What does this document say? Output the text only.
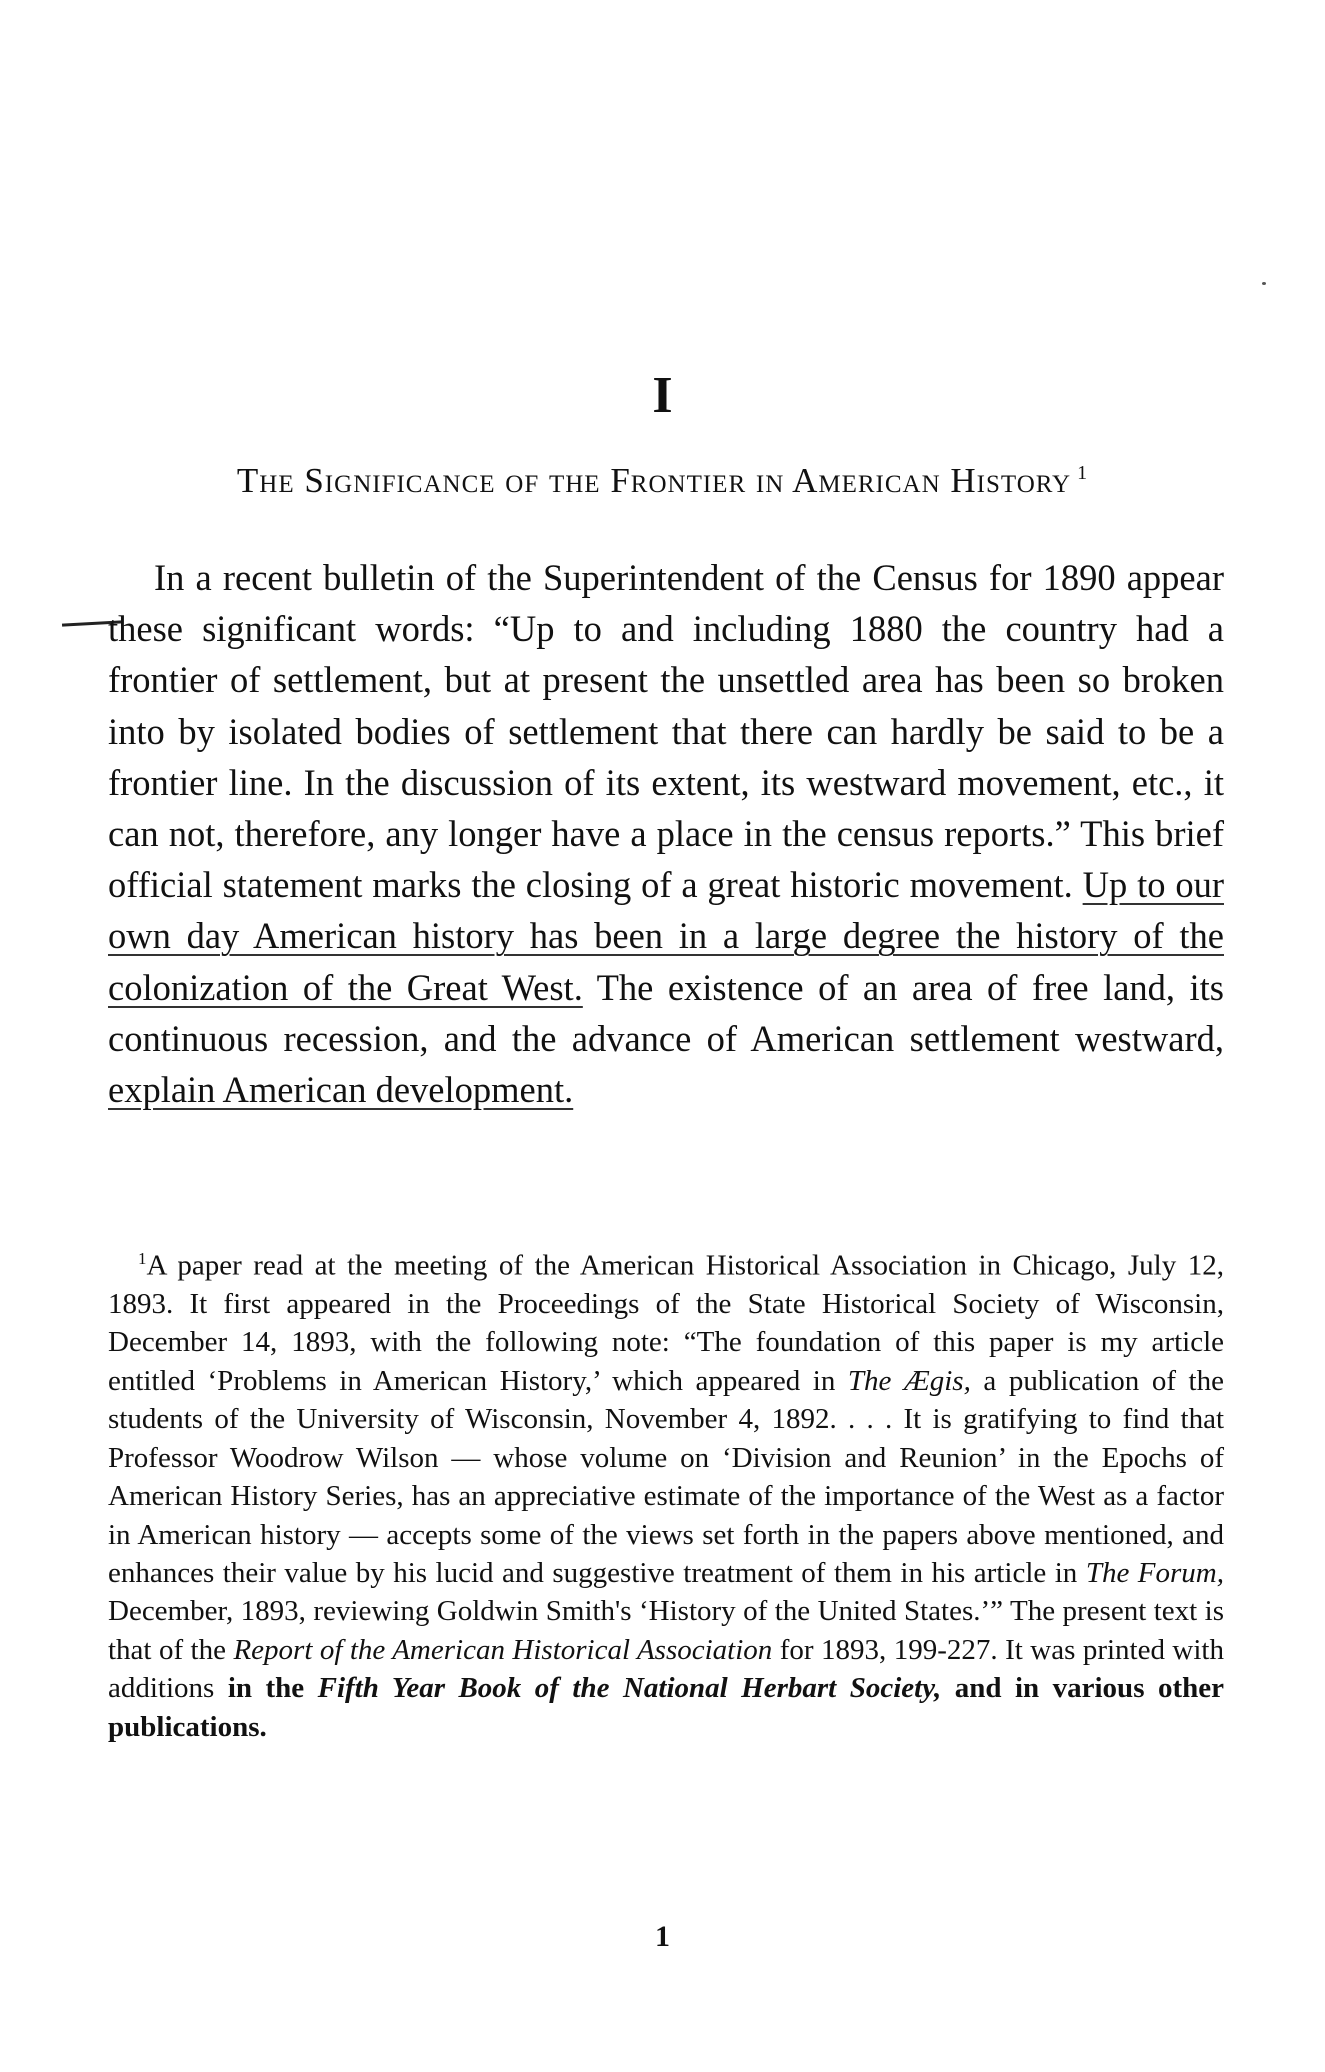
I
The Significance of the Frontier in American History $^1$

In a recent bulletin of the Superintendent of the Census for 1890 appear these significant words: “Up to and including 1880 the country had a frontier of settlement, but at present the unsettled area has been so broken into by isolated bodies of settlement that there can hardly be said to be a frontier line. In the discussion of its extent, its westward movement, etc., it can not, therefore, any longer have a place in the census reports.” This brief official statement marks the closing of a great historic movement. Up to our own day American history has been in a large degree the history of the colonization of the Great West. The existence of an area of free land, its continuous recession, and the advance of American settlement westward, explain American development.

$^1$A paper read at the meeting of the American Historical Association in Chicago, July 12, 1893. It first appeared in the Proceedings of the State Historical Society of Wisconsin, December 14, 1893, with the following note: “The foundation of this paper is my article entitled ‘Problems in American History,’ which appeared in The Ægis, a publication of the students of the University of Wisconsin, November 4, 1892. . . . It is gratifying to find that Professor Woodrow Wilson — whose volume on ‘Division and Reunion’ in the Epochs of American History Series, has an appreciative estimate of the importance of the West as a factor in American history — accepts some of the views set forth in the papers above mentioned, and enhances their value by his lucid and suggestive treatment of them in his article in The Forum, December, 1893, reviewing Goldwin Smith's ‘History of the United States.’” The present text is that of the Report of the American Historical Association for 1893, 199-227. It was printed with additions in the Fifth Year Book of the National Herbart Society, and in various other publications.

1
